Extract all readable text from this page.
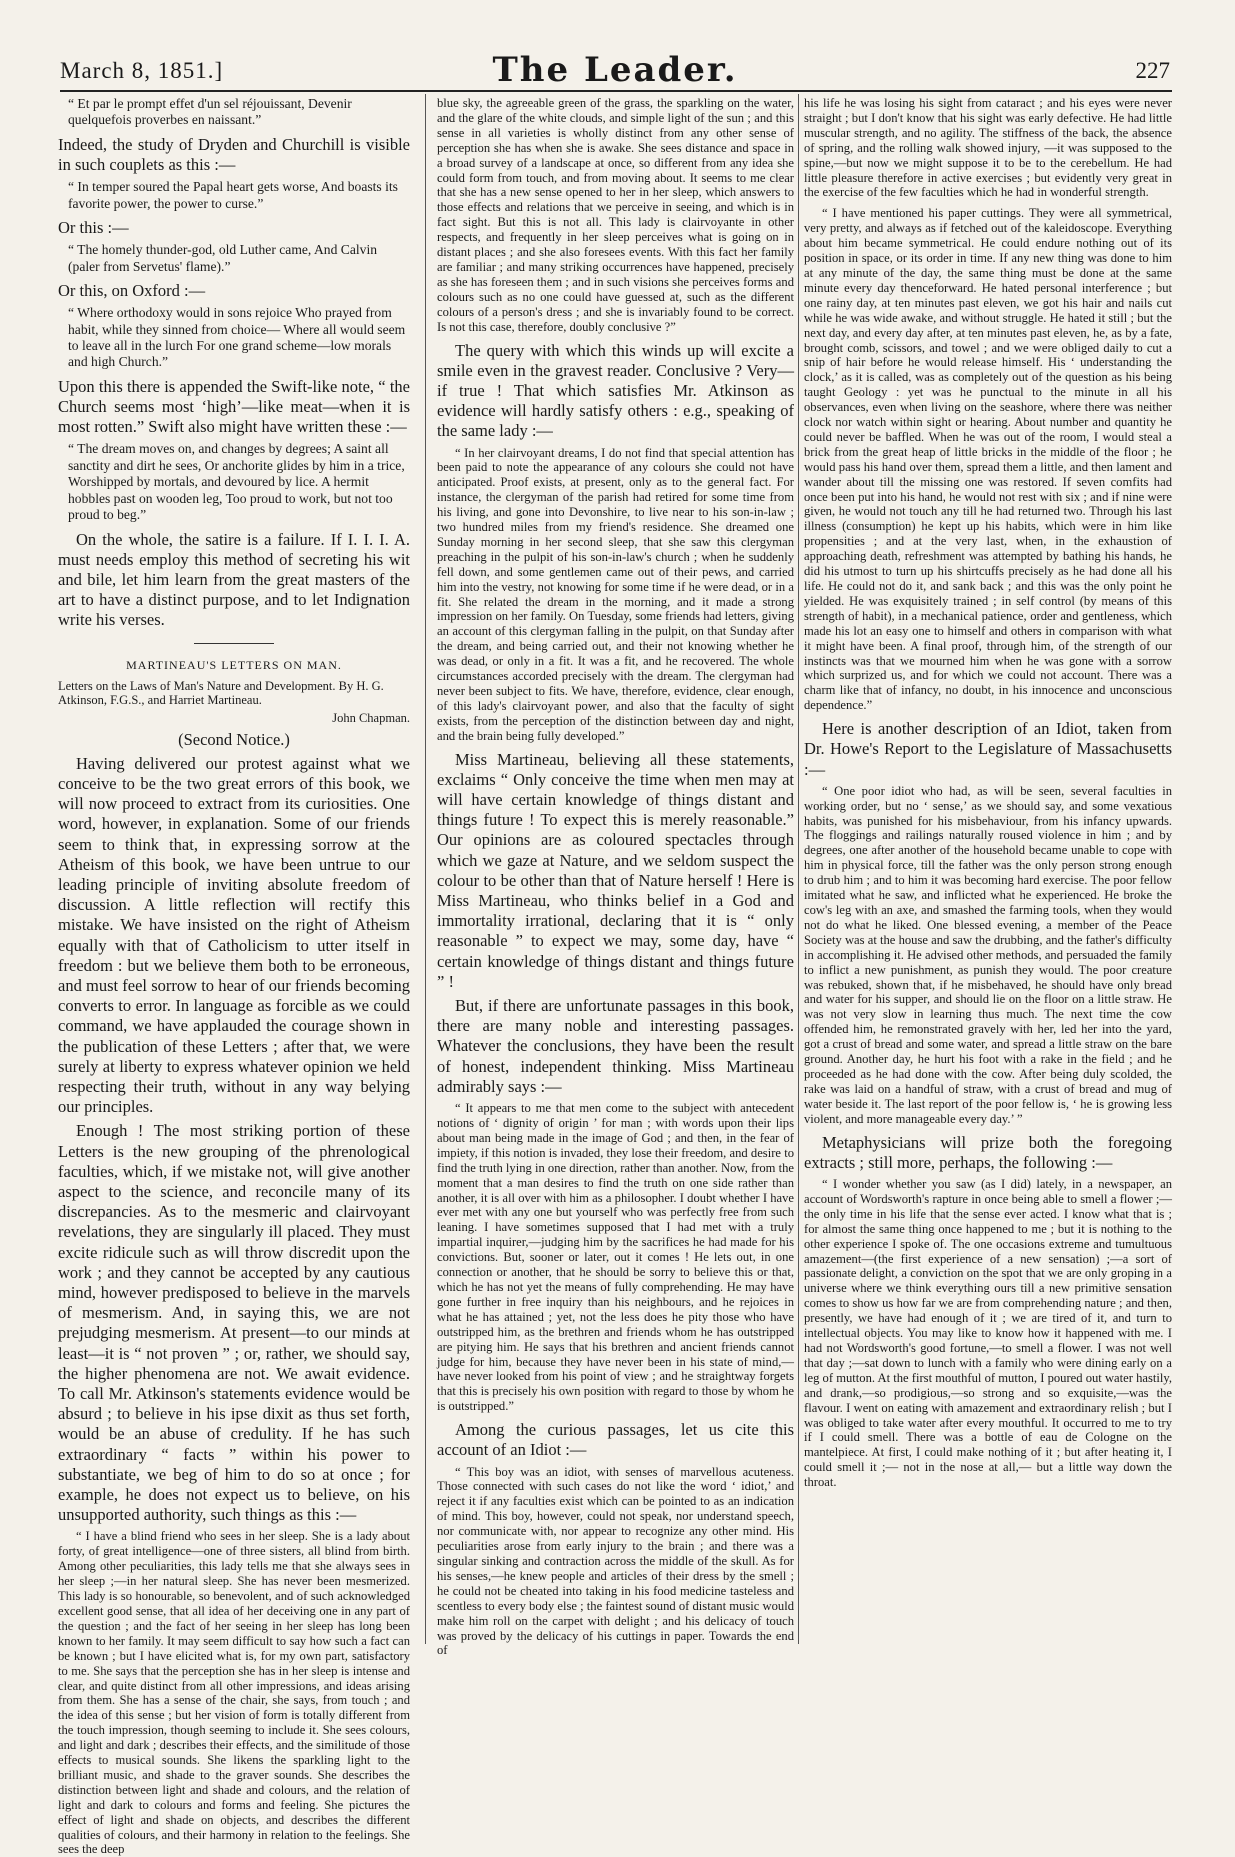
March 8, 1851.]	The Leader.	227

“ Et par le prompt effet d'un sel réjouissant, Devenir quelquefois proverbes en naissant.”

Indeed, the study of Dryden and Churchill is visible in such couplets as this :—

“ In temper soured the Papal heart gets worse, And boasts its favorite power, the power to curse.”

Or this :—

“ The homely thunder-god, old Luther came, And Calvin (paler from Servetus' flame).”

Or this, on Oxford :—

“ Where orthodoxy would in sons rejoice Who prayed from habit, while they sinned from choice— Where all would seem to leave all in the lurch For one grand scheme—low morals and high Church.”

Upon this there is appended the Swift-like note, “ the Church seems most ‘high’—like meat—when it is most rotten.” Swift also might have written these :—

“ The dream moves on, and changes by degrees; A saint all sanctity and dirt he sees, Or anchorite glides by him in a trice, Worshipped by mortals, and devoured by lice. A hermit hobbles past on wooden leg, Too proud to work, but not too proud to beg.”

On the whole, the satire is a failure. If I. I. I. A. must needs employ this method of secreting his wit and bile, let him learn from the great masters of the art to have a distinct purpose, and to let Indignation write his verses.

MARTINEAU'S LETTERS ON MAN.

Letters on the Laws of Man's Nature and Development. By H. G. Atkinson, F.G.S., and Harriet Martineau.

John Chapman.

(Second Notice.)

Having delivered our protest against what we conceive to be the two great errors of this book, we will now proceed to extract from its curiosities. One word, however, in explanation. Some of our friends seem to think that, in expressing sorrow at the Atheism of this book, we have been untrue to our leading principle of inviting absolute freedom of discussion. A little reflection will rectify this mistake. We have insisted on the right of Atheism equally with that of Catholicism to utter itself in freedom : but we believe them both to be erroneous, and must feel sorrow to hear of our friends becoming converts to error. In language as forcible as we could command, we have applauded the courage shown in the publication of these Letters ; after that, we were surely at liberty to express whatever opinion we held respecting their truth, without in any way belying our principles.

Enough ! The most striking portion of these Letters is the new grouping of the phrenological faculties, which, if we mistake not, will give another aspect to the science, and reconcile many of its discrepancies. As to the mesmeric and clairvoyant revelations, they are singularly ill placed. They must excite ridicule such as will throw discredit upon the work ; and they cannot be accepted by any cautious mind, however predisposed to believe in the marvels of mesmerism. And, in saying this, we are not prejudging mesmerism. At present—to our minds at least—it is “ not proven ” ; or, rather, we should say, the higher phenomena are not. We await evidence. To call Mr. Atkinson's statements evidence would be absurd ; to believe in his ipse dixit as thus set forth, would be an abuse of credulity. If he has such extraordinary “ facts ” within his power to substantiate, we beg of him to do so at once ; for example, he does not expect us to believe, on his unsupported authority, such things as this :—

“ I have a blind friend who sees in her sleep. She is a lady about forty, of great intelligence—one of three sisters, all blind from birth. Among other peculiarities, this lady tells me that she always sees in her sleep ;—in her natural sleep. She has never been mesmerized. This lady is so honourable, so benevolent, and of such acknowledged excellent good sense, that all idea of her deceiving one in any part of the question ; and the fact of her seeing in her sleep has long been known to her family. It may seem difficult to say how such a fact can be known ; but I have elicited what is, for my own part, satisfactory to me. She says that the perception she has in her sleep is intense and clear, and quite distinct from all other impressions, and ideas arising from them. She has a sense of the chair, she says, from touch ; and the idea of this sense ; but her vision of form is totally different from the touch impression, though seeming to include it. She sees colours, and light and dark ; describes their effects, and the similitude of those effects to musical sounds. She likens the sparkling light to the brilliant music, and shade to the graver sounds. She describes the distinction between light and shade and colours, and the relation of light and dark to colours and forms and feeling. She pictures the effect of light and shade on objects, and describes the different qualities of colours, and their harmony in relation to the feelings. She sees the deep

blue sky, the agreeable green of the grass, the sparkling on the water, and the glare of the white clouds, and simple light of the sun ; and this sense in all varieties is wholly distinct from any other sense of perception she has when she is awake. She sees distance and space in a broad survey of a landscape at once, so different from any idea she could form from touch, and from moving about. It seems to me clear that she has a new sense opened to her in her sleep, which answers to those effects and relations that we perceive in seeing, and which is in fact sight. But this is not all. This lady is clairvoyante in other respects, and frequently in her sleep perceives what is going on in distant places ; and she also foresees events. With this fact her family are familiar ; and many striking occurrences have happened, precisely as she has foreseen them ; and in such visions she perceives forms and colours such as no one could have guessed at, such as the different colours of a person's dress ; and she is invariably found to be correct. Is not this case, therefore, doubly conclusive ?”

The query with which this winds up will excite a smile even in the gravest reader. Conclusive ? Very—if true ! That which satisfies Mr. Atkinson as evidence will hardly satisfy others : e.g., speaking of the same lady :—

“ In her clairvoyant dreams, I do not find that special attention has been paid to note the appearance of any colours she could not have anticipated. Proof exists, at present, only as to the general fact. For instance, the clergyman of the parish had retired for some time from his living, and gone into Devonshire, to live near to his son-in-law ; two hundred miles from my friend's residence. She dreamed one Sunday morning in her second sleep, that she saw this clergyman preaching in the pulpit of his son-in-law's church ; when he suddenly fell down, and some gentlemen came out of their pews, and carried him into the vestry, not knowing for some time if he were dead, or in a fit. She related the dream in the morning, and it made a strong impression on her family. On Tuesday, some friends had letters, giving an account of this clergyman falling in the pulpit, on that Sunday after the dream, and being carried out, and their not knowing whether he was dead, or only in a fit. It was a fit, and he recovered. The whole circumstances accorded precisely with the dream. The clergyman had never been subject to fits. We have, therefore, evidence, clear enough, of this lady's clairvoyant power, and also that the faculty of sight exists, from the perception of the distinction between day and night, and the brain being fully developed.”

Miss Martineau, believing all these statements, exclaims “ Only conceive the time when men may at will have certain knowledge of things distant and things future ! To expect this is merely reasonable.” Our opinions are as coloured spectacles through which we gaze at Nature, and we seldom suspect the colour to be other than that of Nature herself ! Here is Miss Martineau, who thinks belief in a God and immortality irrational, declaring that it is “ only reasonable ” to expect we may, some day, have “ certain knowledge of things distant and things future ” !

But, if there are unfortunate passages in this book, there are many noble and interesting passages. Whatever the conclusions, they have been the result of honest, independent thinking. Miss Martineau admirably says :—

“ It appears to me that men come to the subject with antecedent notions of ‘ dignity of origin ’ for man ; with words upon their lips about man being made in the image of God ; and then, in the fear of impiety, if this notion is invaded, they lose their freedom, and desire to find the truth lying in one direction, rather than another. Now, from the moment that a man desires to find the truth on one side rather than another, it is all over with him as a philosopher. I doubt whether I have ever met with any one but yourself who was perfectly free from such leaning. I have sometimes supposed that I had met with a truly impartial inquirer,—judging him by the sacrifices he had made for his convictions. But, sooner or later, out it comes ! He lets out, in one connection or another, that he should be sorry to believe this or that, which he has not yet the means of fully comprehending. He may have gone further in free inquiry than his neighbours, and he rejoices in what he has attained ; yet, not the less does he pity those who have outstripped him, as the brethren and friends whom he has outstripped are pitying him. He says that his brethren and ancient friends cannot judge for him, because they have never been in his state of mind,—have never looked from his point of view ; and he straightway forgets that this is precisely his own position with regard to those by whom he is outstripped.”

Among the curious passages, let us cite this account of an Idiot :—

“ This boy was an idiot, with senses of marvellous acuteness. Those connected with such cases do not like the word ‘ idiot,’ and reject it if any faculties exist which can be pointed to as an indication of mind. This boy, however, could not speak, nor understand speech, nor communicate with, nor appear to recognize any other mind. His peculiarities arose from early injury to the brain ; and there was a singular sinking and contraction across the middle of the skull. As for his senses,—he knew people and articles of their dress by the smell ; he could not be cheated into taking in his food medicine tasteless and scentless to every body else ; the faintest sound of distant music would make him roll on the carpet with delight ; and his delicacy of touch was proved by the delicacy of his cuttings in paper. Towards the end of

his life he was losing his sight from cataract ; and his eyes were never straight ; but I don't know that his sight was early defective. He had little muscular strength, and no agility. The stiffness of the back, the absence of spring, and the rolling walk showed injury, —it was supposed to the spine,—but now we might suppose it to be to the cerebellum. He had little pleasure therefore in active exercises ; but evidently very great in the exercise of the few faculties which he had in wonderful strength.

“ I have mentioned his paper cuttings. They were all symmetrical, very pretty, and always as if fetched out of the kaleidoscope. Everything about him became symmetrical. He could endure nothing out of its position in space, or its order in time. If any new thing was done to him at any minute of the day, the same thing must be done at the same minute every day thenceforward. He hated personal interference ; but one rainy day, at ten minutes past eleven, we got his hair and nails cut while he was wide awake, and without struggle. He hated it still ; but the next day, and every day after, at ten minutes past eleven, he, as by a fate, brought comb, scissors, and towel ; and we were obliged daily to cut a snip of hair before he would release himself. His ‘ understanding the clock,’ as it is called, was as completely out of the question as his being taught Geology : yet was he punctual to the minute in all his observances, even when living on the seashore, where there was neither clock nor watch within sight or hearing. About number and quantity he could never be baffled. When he was out of the room, I would steal a brick from the great heap of little bricks in the middle of the floor ; he would pass his hand over them, spread them a little, and then lament and wander about till the missing one was restored. If seven comfits had once been put into his hand, he would not rest with six ; and if nine were given, he would not touch any till he had returned two. Through his last illness (consumption) he kept up his habits, which were in him like propensities ; and at the very last, when, in the exhaustion of approaching death, refreshment was attempted by bathing his hands, he did his utmost to turn up his shirtcuffs precisely as he had done all his life. He could not do it, and sank back ; and this was the only point he yielded. He was exquisitely trained ; in self control (by means of this strength of habit), in a mechanical patience, order and gentleness, which made his lot an easy one to himself and others in comparison with what it might have been. A final proof, through him, of the strength of our instincts was that we mourned him when he was gone with a sorrow which surprized us, and for which we could not account. There was a charm like that of infancy, no doubt, in his innocence and unconscious dependence.”

Here is another description of an Idiot, taken from Dr. Howe's Report to the Legislature of Massachusetts :—

“ One poor idiot who had, as will be seen, several faculties in working order, but no ‘ sense,’ as we should say, and some vexatious habits, was punished for his misbehaviour, from his infancy upwards. The floggings and railings naturally roused violence in him ; and by degrees, one after another of the household became unable to cope with him in physical force, till the father was the only person strong enough to drub him ; and to him it was becoming hard exercise. The poor fellow imitated what he saw, and inflicted what he experienced. He broke the cow's leg with an axe, and smashed the farming tools, when they would not do what he liked. One blessed evening, a member of the Peace Society was at the house and saw the drubbing, and the father's difficulty in accomplishing it. He advised other methods, and persuaded the family to inflict a new punishment, as punish they would. The poor creature was rebuked, shown that, if he misbehaved, he should have only bread and water for his supper, and should lie on the floor on a little straw. He was not very slow in learning thus much. The next time the cow offended him, he remonstrated gravely with her, led her into the yard, got a crust of bread and some water, and spread a little straw on the bare ground. Another day, he hurt his foot with a rake in the field ; and he proceeded as he had done with the cow. After being duly scolded, the rake was laid on a handful of straw, with a crust of bread and mug of water beside it. The last report of the poor fellow is, ‘ he is growing less violent, and more manageable every day.’ ”

Metaphysicians will prize both the foregoing extracts ; still more, perhaps, the following :—

“ I wonder whether you saw (as I did) lately, in a newspaper, an account of Wordsworth's rapture in once being able to smell a flower ;—the only time in his life that the sense ever acted. I know what that is ; for almost the same thing once happened to me ; but it is nothing to the other experience I spoke of. The one occasions extreme and tumultuous amazement—(the first experience of a new sensation) ;—a sort of passionate delight, a conviction on the spot that we are only groping in a universe where we think everything ours till a new primitive sensation comes to show us how far we are from comprehending nature ; and then, presently, we have had enough of it ; we are tired of it, and turn to intellectual objects. You may like to know how it happened with me. I had not Wordsworth's good fortune,—to smell a flower. I was not well that day ;—sat down to lunch with a family who were dining early on a leg of mutton. At the first mouthful of mutton, I poured out water hastily, and drank,—so prodigious,—so strong and so exquisite,—was the flavour. I went on eating with amazement and extraordinary relish ; but I was obliged to take water after every mouthful. It occurred to me to try if I could smell. There was a bottle of eau de Cologne on the mantelpiece. At first, I could make nothing of it ; but after heating it, I could smell it ;— not in the nose at all,— but a little way down the throat.
